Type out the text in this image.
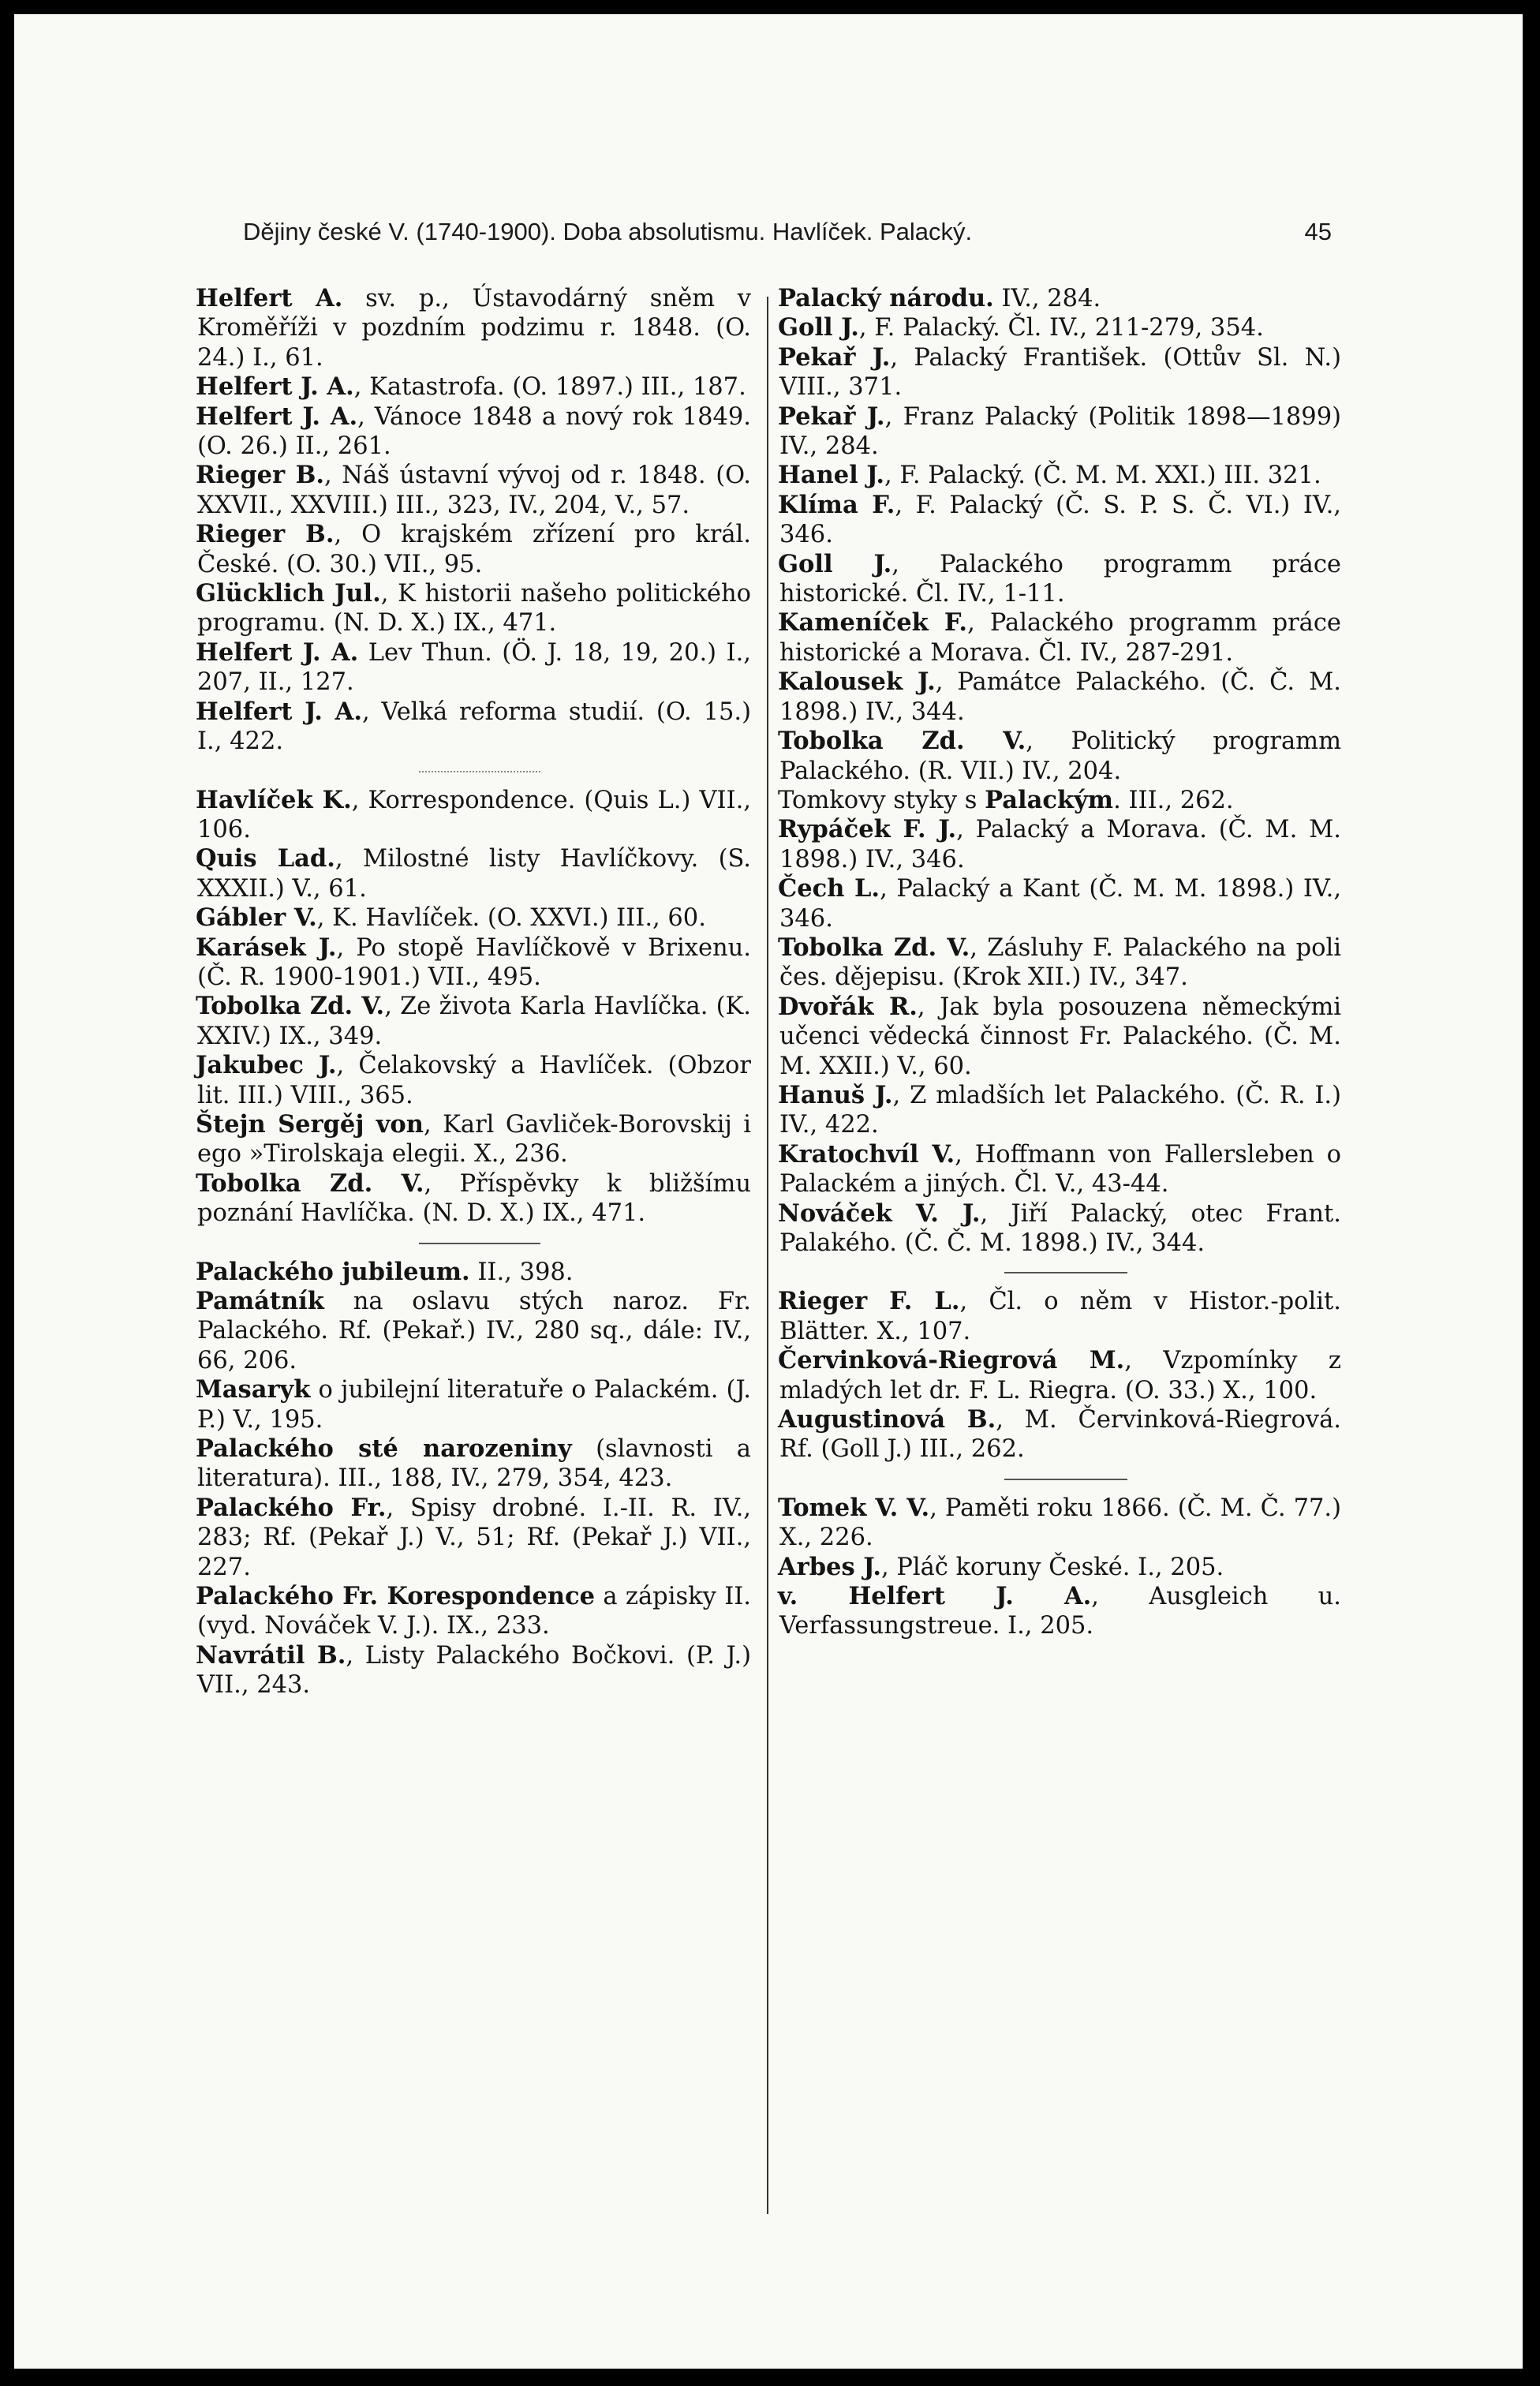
Dějiny české V. (1740-1900). Doba absolutismu. Havlíček. Palacký.	45

Helfert A. sv. p., Ústavodárný sněm v Kroměříži v pozdním podzimu r. 1848. (O. 24.) I., 61.

Helfert J. A., Katastrofa. (O. 1897.) III., 187.

Helfert J. A., Vánoce 1848 a nový rok 1849. (O. 26.) II., 261.

Rieger B., Náš ústavní vývoj od r. 1848. (O. XXVII., XXVIII.) III., 323, IV., 204, V., 57.

Rieger B., O krajském zřízení pro král. České. (O. 30.) VII., 95.

Glücklich Jul., K historii našeho politického programu. (N. D. X.) IX., 471.

Helfert J. A. Lev Thun. (Ö. J. 18, 19, 20.) I., 207, II., 127.

Helfert J. A., Velká reforma studií. (O. 15.) I., 422.

Havlíček K., Korrespondence. (Quis L.) VII., 106.

Quis Lad., Milostné listy Havlíčkovy. (S. XXXII.) V., 61.

Gábler V., K. Havlíček. (O. XXVI.) III., 60.

Karásek J., Po stopě Havlíčkově v Brixenu. (Č. R. 1900-1901.) VII., 495.

Tobolka Zd. V., Ze života Karla Havlíčka. (K. XXIV.) IX., 349.

Jakubec J., Čelakovský a Havlíček. (Obzor lit. III.) VIII., 365.

Štejn Sergěj von, Karl Gavliček-Borovskij i ego »Tirolskaja elegii. X., 236.

Tobolka Zd. V., Příspěvky k bližšímu poznání Havlíčka. (N. D. X.) IX., 471.

Palackého jubileum. II., 398.

Památník na oslavu stých naroz. Fr. Palackého. Rf. (Pekař.) IV., 280 sq., dále: IV., 66, 206.

Masaryk o jubilejní literatuře o Palackém. (J. P.) V., 195.

Palackého sté narozeniny (slavnosti a literatura). III., 188, IV., 279, 354, 423.

Palackého Fr., Spisy drobné. I.-II. R. IV., 283; Rf. (Pekař J.) V., 51; Rf. (Pekař J.) VII., 227.

Palackého Fr. Korespondence a zápisky II. (vyd. Nováček V. J.). IX., 233.

Navrátil B., Listy Palackého Bočkovi. (P. J.) VII., 243.

Palacký národu. IV., 284.

Goll J., F. Palacký. Čl. IV., 211-279, 354.

Pekař J., Palacký František. (Ottův Sl. N.) VIII., 371.

Pekař J., Franz Palacký (Politik 1898—1899) IV., 284.

Hanel J., F. Palacký. (Č. M. M. XXI.) III. 321.

Klíma F., F. Palacký (Č. S. P. S. Č. VI.) IV., 346.

Goll J., Palackého programm práce historické. Čl. IV., 1-11.

Kameníček F., Palackého programm práce historické a Morava. Čl. IV., 287-291.

Kalousek J., Památce Palackého. (Č. Č. M. 1898.) IV., 344.

Tobolka Zd. V., Politický programm Palackého. (R. VII.) IV., 204.

Tomkovy styky s Palackým. III., 262.

Rypáček F. J., Palacký a Morava. (Č. M. M. 1898.) IV., 346.

Čech L., Palacký a Kant (Č. M. M. 1898.) IV., 346.

Tobolka Zd. V., Zásluhy F. Palackého na poli čes. dějepisu. (Krok XII.) IV., 347.

Dvořák R., Jak byla posouzena německými učenci vědecká činnost Fr. Palackého. (Č. M. M. XXII.) V., 60.

Hanuš J., Z mladších let Palackého. (Č. R. I.) IV., 422.

Kratochvíl V., Hoffmann von Fallersleben o Palackém a jiných. Čl. V., 43-44.

Nováček V. J., Jiří Palacký, otec Frant. Palakého. (Č. Č. M. 1898.) IV., 344.

Rieger F. L., Čl. o něm v Histor.-polit. Blätter. X., 107.

Červinková-Riegrová M., Vzpomínky z mladých let dr. F. L. Riegra. (O. 33.) X., 100.

Augustinová B., M. Červinková-Riegrová. Rf. (Goll J.) III., 262.

Tomek V. V., Paměti roku 1866. (Č. M. Č. 77.) X., 226.

Arbes J., Pláč koruny České. I., 205.

v. Helfert J. A., Ausgleich u. Verfassungstreue. I., 205.
